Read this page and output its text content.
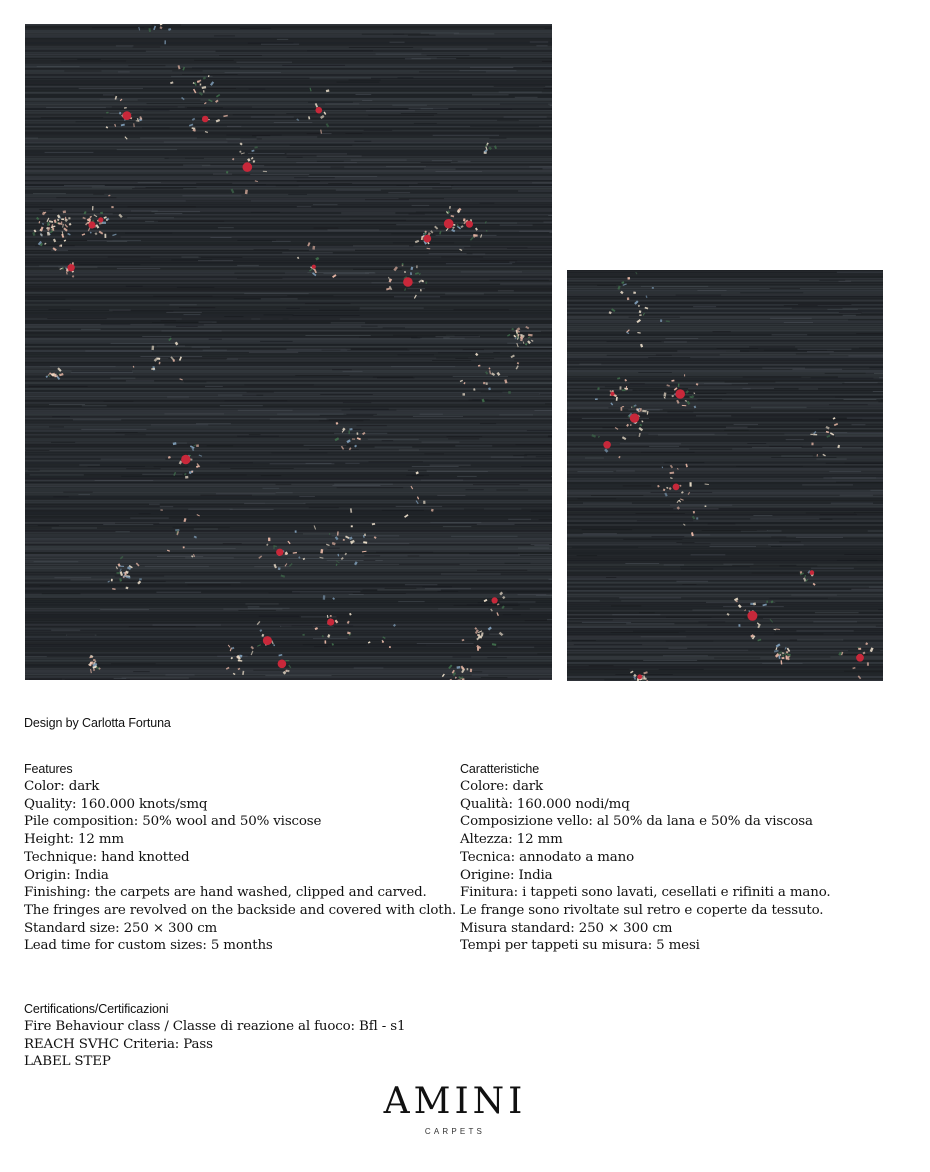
Design by Carlotta Fortuna
Features
Color: dark
Quality: 160.000 knots/smq
Pile composition: 50% wool and 50% viscose
Height: 12 mm
Technique: hand knotted
Origin: India
Finishing: the carpets are hand washed, clipped and carved.
The fringes are revolved on the backside and covered with cloth.
Standard size: 250 × 300 cm
Lead time for custom sizes: 5 months
Caratteristiche
Colore: dark
Qualità: 160.000 nodi/mq
Composizione vello: al 50% da lana e 50% da viscosa
Altezza: 12 mm
Tecnica: annodato a mano
Origine: India
Finitura: i tappeti sono lavati, cesellati e rifiniti a mano.
Le frange sono rivoltate sul retro e coperte da tessuto.
Misura standard: 250 × 300 cm
Tempi per tappeti su misura: 5 mesi
Certifications/Certificazioni
Fire Behaviour class / Classe di reazione al fuoco: Bfl - s1
REACH SVHC Criteria: Pass
LABEL STEP
AMINI
CARPETS
